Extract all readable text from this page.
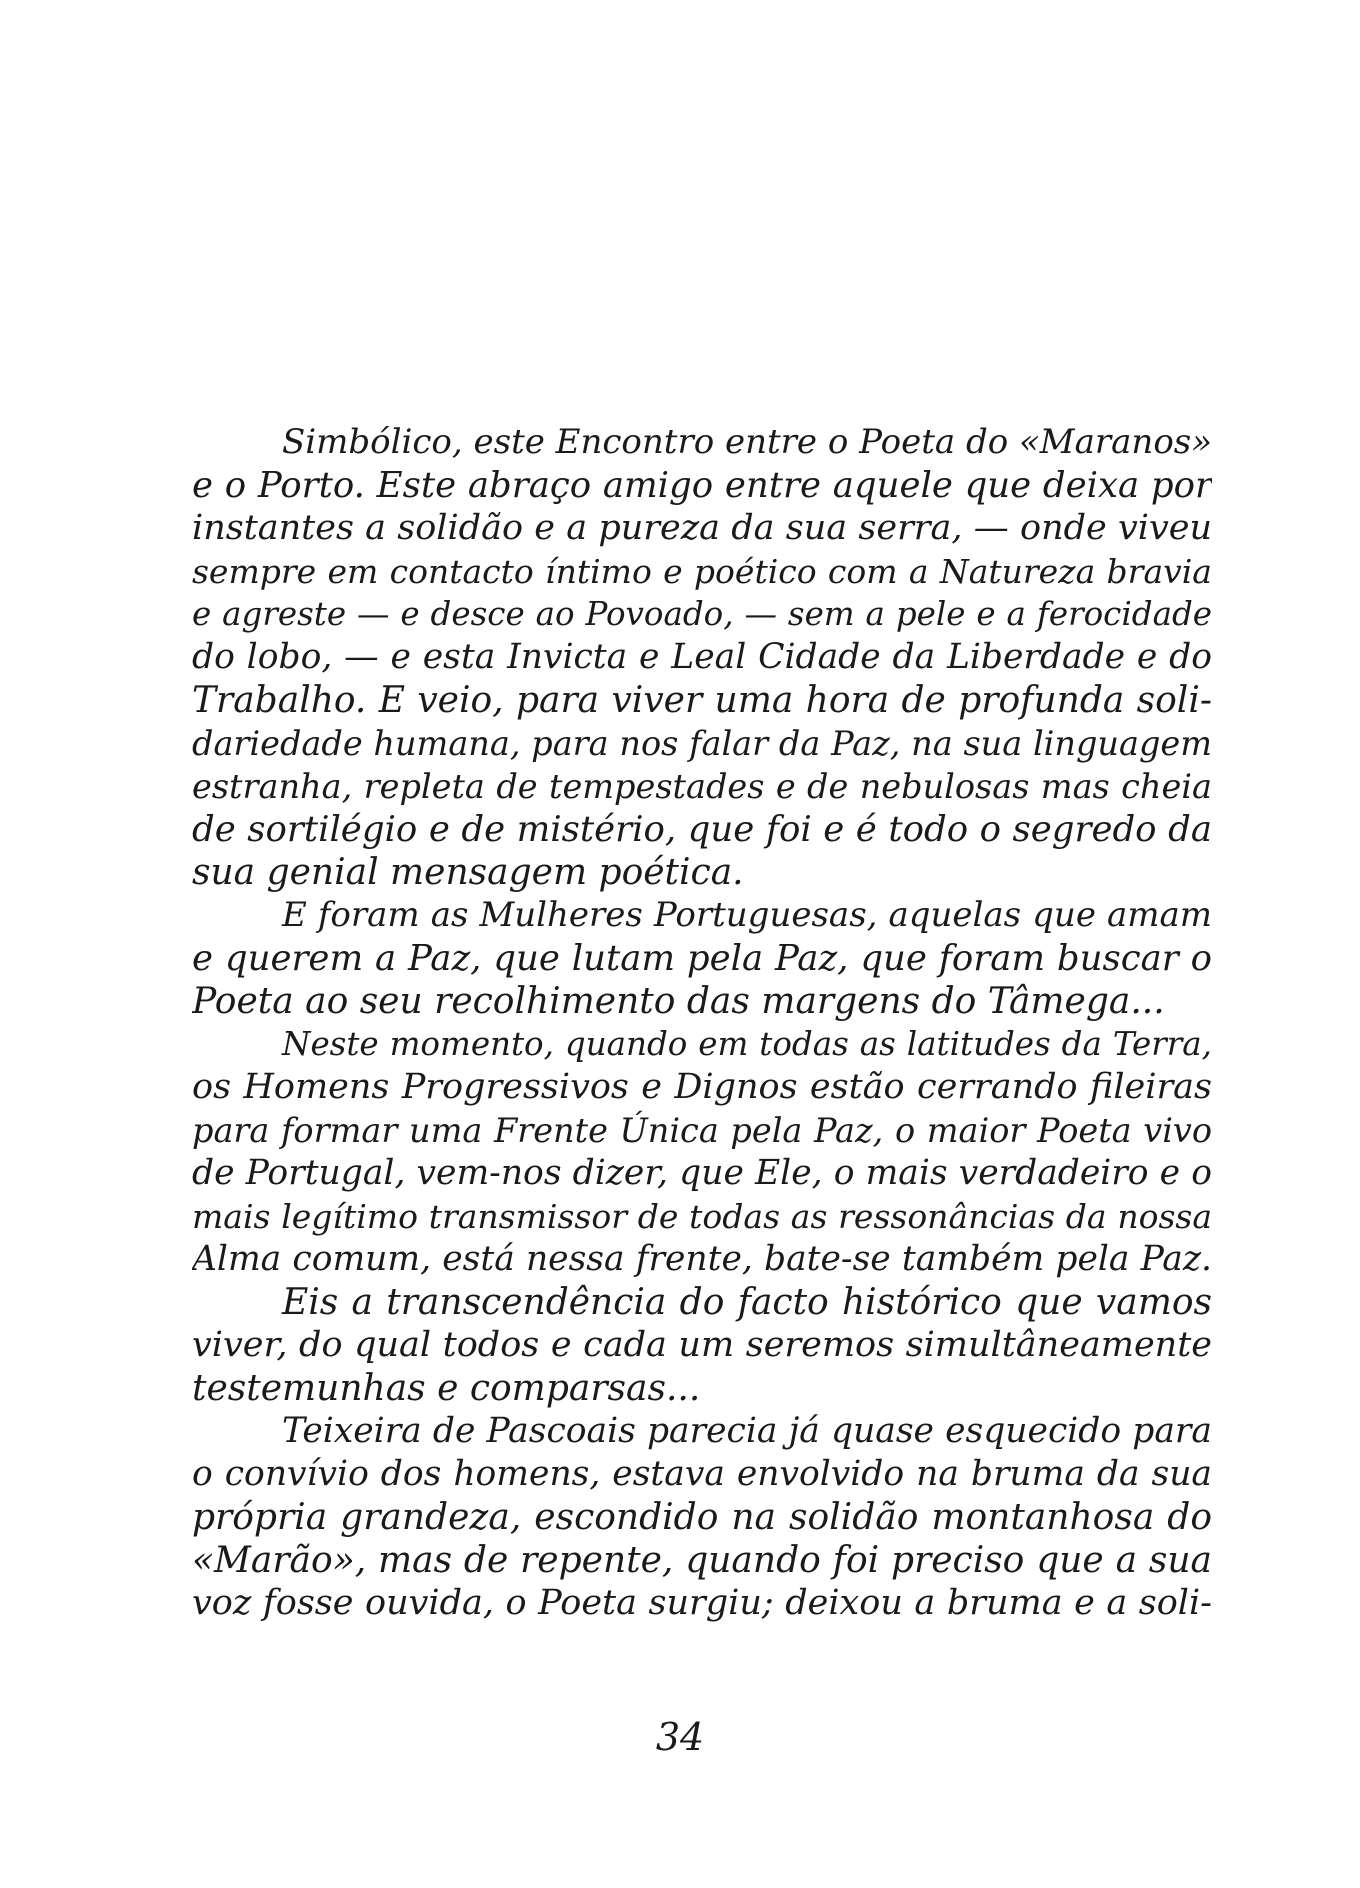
Simbólico, este Encontro entre o Poeta do «Maranos»
e o Porto. Este abraço amigo entre aquele que deixa por
instantes a solidão e a pureza da sua serra, — onde viveu
sempre em contacto íntimo e poético com a Natureza bravia
e agreste — e desce ao Povoado, — sem a pele e a ferocidade
do lobo, — e esta Invicta e Leal Cidade da Liberdade e do
Trabalho. E veio, para viver uma hora de profunda soli-
dariedade humana, para nos falar da Paz, na sua linguagem
estranha, repleta de tempestades e de nebulosas mas cheia
de sortilégio e de mistério, que foi e é todo o segredo da
sua genial mensagem poética.
E foram as Mulheres Portuguesas, aquelas que amam
e querem a Paz, que lutam pela Paz, que foram buscar o
Poeta ao seu recolhimento das margens do Tâmega...
Neste momento, quando em todas as latitudes da Terra,
os Homens Progressivos e Dignos estão cerrando fileiras
para formar uma Frente Única pela Paz, o maior Poeta vivo
de Portugal, vem-nos dizer, que Ele, o mais verdadeiro e o
mais legítimo transmissor de todas as ressonâncias da nossa
Alma comum, está nessa frente, bate-se também pela Paz.
Eis a transcendência do facto histórico que vamos
viver, do qual todos e cada um seremos simultâneamente
testemunhas e comparsas...
Teixeira de Pascoais parecia já quase esquecido para
o convívio dos homens, estava envolvido na bruma da sua
própria grandeza, escondido na solidão montanhosa do
«Marão», mas de repente, quando foi preciso que a sua
voz fosse ouvida, o Poeta surgiu; deixou a bruma e a soli-
34
